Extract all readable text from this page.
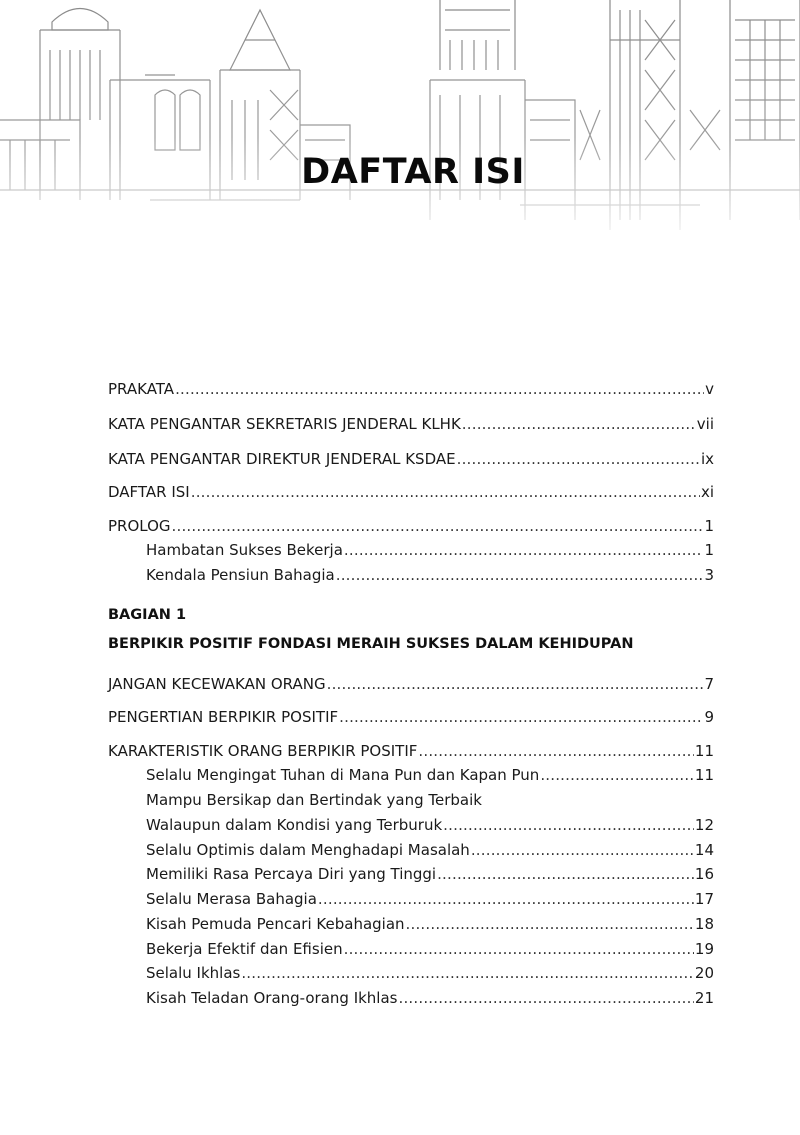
DAFTAR ISI
PRAKATA .....	v
KATA PENGANTAR SEKRETARIS JENDERAL KLHK .....	vii
KATA PENGANTAR DIREKTUR JENDERAL KSDAE .....	ix
DAFTAR ISI .....	xi
PROLOG .....	1
Hambatan Sukses Bekerja .....	1
Kendala Pensiun Bahagia .....	3
BAGIAN 1
BERPIKIR POSITIF FONDASI MERAIH SUKSES DALAM KEHIDUPAN
JANGAN KECEWAKAN ORANG .....	7
PENGERTIAN BERPIKIR POSITIF .....	9
KARAKTERISTIK ORANG BERPIKIR POSITIF .....	11
Selalu Mengingat Tuhan di Mana Pun dan Kapan Pun .....	11
Mampu Bersikap dan Bertindak yang Terbaik
Walaupun dalam Kondisi yang Terburuk .....	12
Selalu Optimis dalam Menghadapi Masalah .....	14
Memiliki Rasa Percaya Diri yang Tinggi .....	16
Selalu Merasa Bahagia .....	17
Kisah Pemuda Pencari Kebahagian .....	18
Bekerja Efektif dan Efisien .....	19
Selalu Ikhlas .....	20
Kisah Teladan Orang-orang Ikhlas .....	21
